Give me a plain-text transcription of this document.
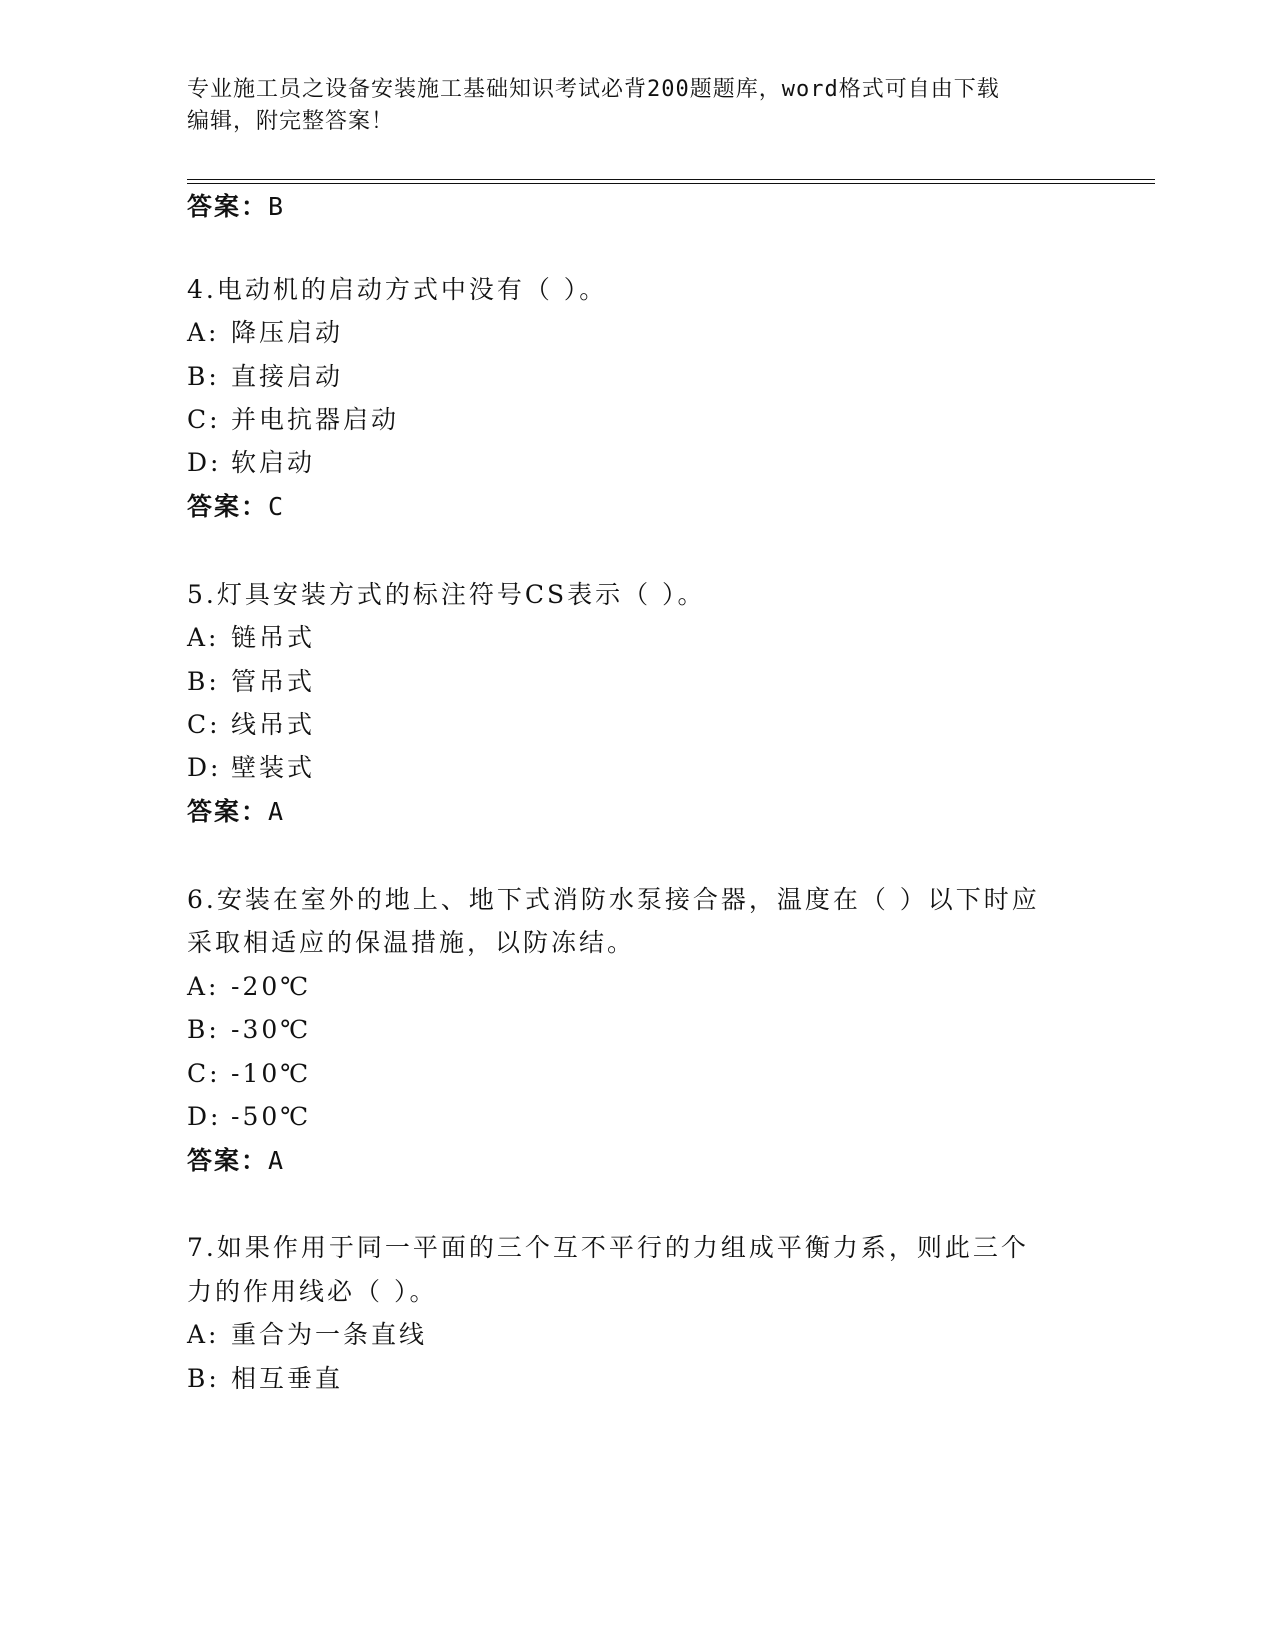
专业施工员之设备安装施工基础知识考试必背200题题库，word格式可自由下载
编辑，附完整答案！
答案：B
4.电动机的启动方式中没有（ ）。
A: 降压启动
B: 直接启动
C: 并电抗器启动
D: 软启动
答案：C
5.灯具安装方式的标注符号CS表示（ ）。
A: 链吊式
B: 管吊式
C: 线吊式
D: 壁装式
答案：A
6.安装在室外的地上、地下式消防水泵接合器，温度在（ ）以下时应
采取相适应的保温措施，以防冻结。
A: -20℃
B: -30℃
C: -10℃
D: -50℃
答案：A
7.如果作用于同一平面的三个互不平行的力组成平衡力系，则此三个
力的作用线必（ ）。
A: 重合为一条直线
B: 相互垂直
